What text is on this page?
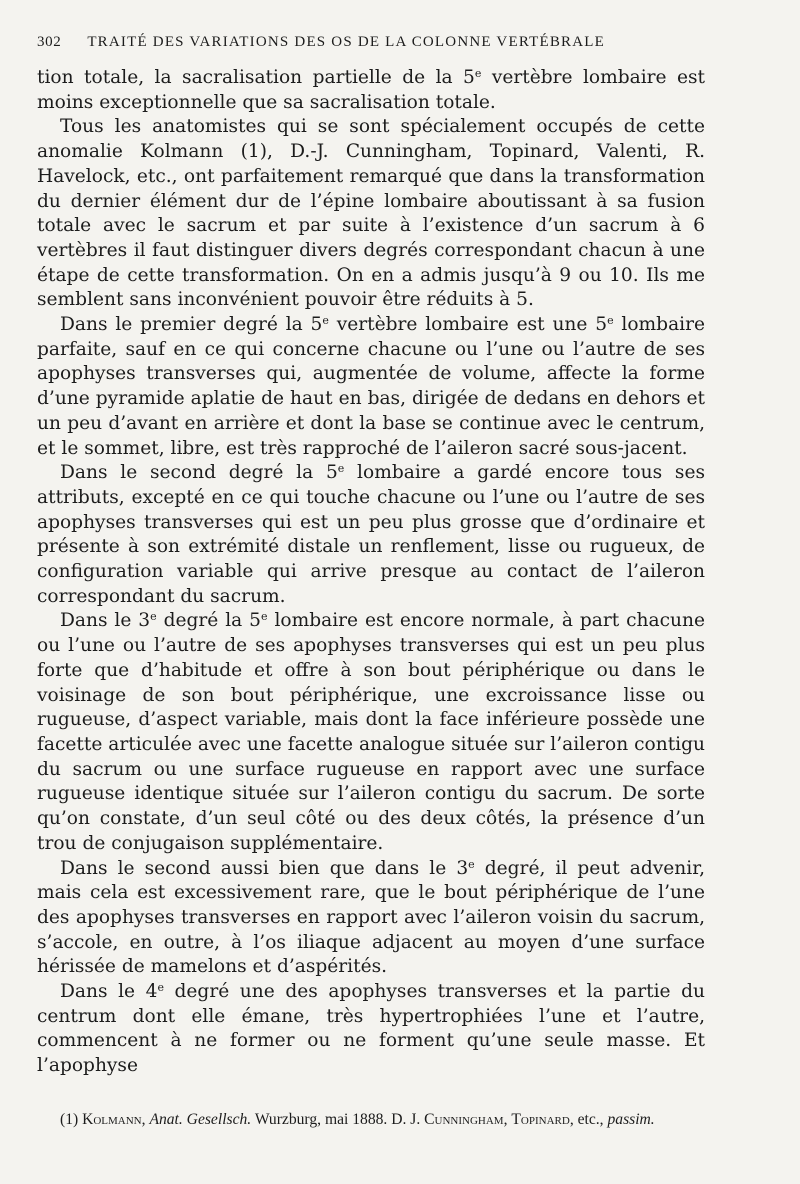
302 TRAITÉ DES VARIATIONS DES OS DE LA COLONNE VERTÉBRALE

tion totale, la sacralisation partielle de la 5e vertèbre lombaire est moins exceptionnelle que sa sacralisation totale.

Tous les anatomistes qui se sont spécialement occupés de cette anomalie Kolmann (1), D.-J. Cunningham, Topinard, Valenti, R. Havelock, etc., ont parfaitement remarqué que dans la transformation du dernier élément dur de l’épine lombaire aboutissant à sa fusion totale avec le sacrum et par suite à l’existence d’un sacrum à 6 vertèbres il faut distinguer divers degrés correspondant chacun à une étape de cette transformation. On en a admis jusqu’à 9 ou 10. Ils me semblent sans inconvénient pouvoir être réduits à 5.

Dans le premier degré la 5e vertèbre lombaire est une 5e lombaire parfaite, sauf en ce qui concerne chacune ou l’une ou l’autre de ses apophyses transverses qui, augmentée de volume, affecte la forme d’une pyramide aplatie de haut en bas, dirigée de dedans en dehors et un peu d’avant en arrière et dont la base se continue avec le centrum, et le sommet, libre, est très rapproché de l’aileron sacré sous-jacent.

Dans le second degré la 5e lombaire a gardé encore tous ses attributs, excepté en ce qui touche chacune ou l’une ou l’autre de ses apophyses transverses qui est un peu plus grosse que d’ordinaire et présente à son extrémité distale un renflement, lisse ou rugueux, de configuration variable qui arrive presque au contact de l’aileron correspondant du sacrum.

Dans le 3e degré la 5e lombaire est encore normale, à part chacune ou l’une ou l’autre de ses apophyses transverses qui est un peu plus forte que d’habitude et offre à son bout périphérique ou dans le voisinage de son bout périphérique, une excroissance lisse ou rugueuse, d’aspect variable, mais dont la face inférieure possède une facette articulée avec une facette analogue située sur l’aileron contigu du sacrum ou une surface rugueuse en rapport avec une surface rugueuse identique située sur l’aileron contigu du sacrum. De sorte qu’on constate, d’un seul côté ou des deux côtés, la présence d’un trou de conjugaison supplémentaire.

Dans le second aussi bien que dans le 3e degré, il peut advenir, mais cela est excessivement rare, que le bout périphérique de l’une des apophyses transverses en rapport avec l’aileron voisin du sacrum, s’accole, en outre, à l’os iliaque adjacent au moyen d’une surface hérissée de mamelons et d’aspérités.

Dans le 4e degré une des apophyses transverses et la partie du centrum dont elle émane, très hypertrophiées l’une et l’autre, commencent à ne former ou ne forment qu’une seule masse. Et l’apophyse

(1) Kolmann, Anat. Gesellsch. Wurzburg, mai 1888. D. J. Cunningham, Topinard, etc., passim.
